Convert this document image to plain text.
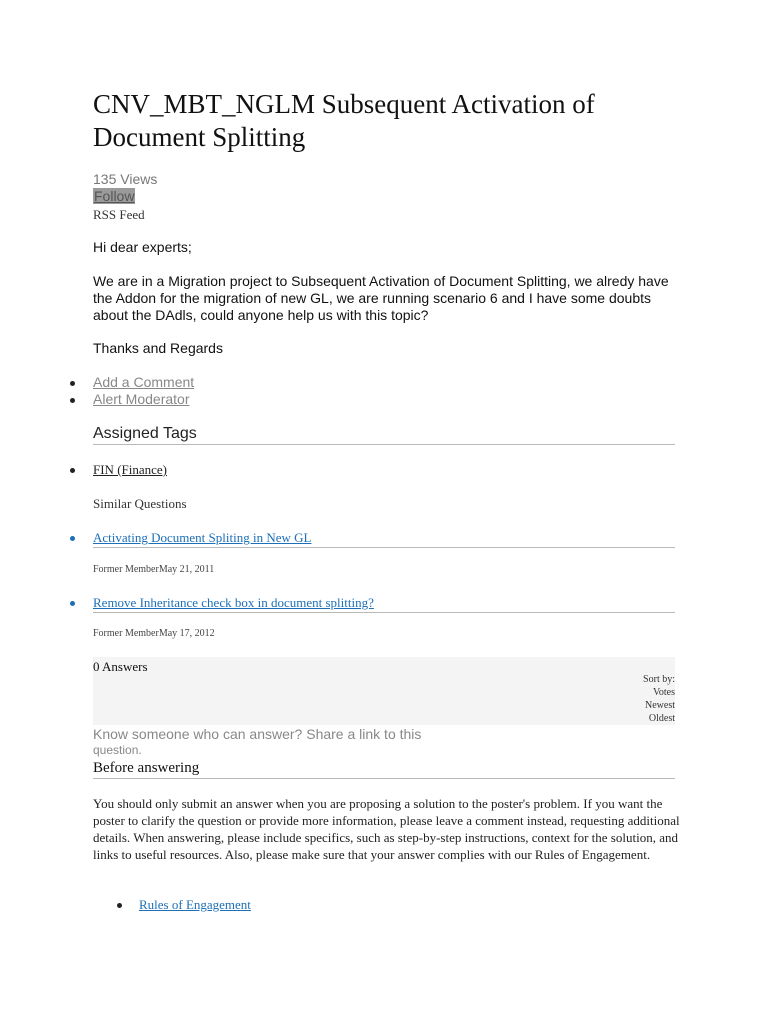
CNV_MBT_NGLM Subsequent Activation of Document Splitting
135 Views
Follow
RSS Feed
Hi dear experts;
We are in a Migration project to Subsequent Activation of Document Splitting, we alredy have the Addon for the migration of new GL, we are running scenario 6 and I have some doubts about the DAdls, could anyone help us with this topic?
Thanks and Regards
Add a Comment
Alert Moderator
Assigned Tags
FIN (Finance)
Similar Questions
Activating Document Spliting in New GL
Former MemberMay 21, 2011
Remove Inheritance check box in document splitting?
Former MemberMay 17, 2012
0 Answers
Sort by:
Votes
Newest
Oldest
Know someone who can answer? Share a link to this
question.
Before answering
You should only submit an answer when you are proposing a solution to the poster's problem. If you want the poster to clarify the question or provide more information, please leave a comment instead, requesting additional details. When answering, please include specifics, such as step-by-step instructions, context for the solution, and links to useful resources. Also, please make sure that your answer complies with our Rules of Engagement.
Rules of Engagement
